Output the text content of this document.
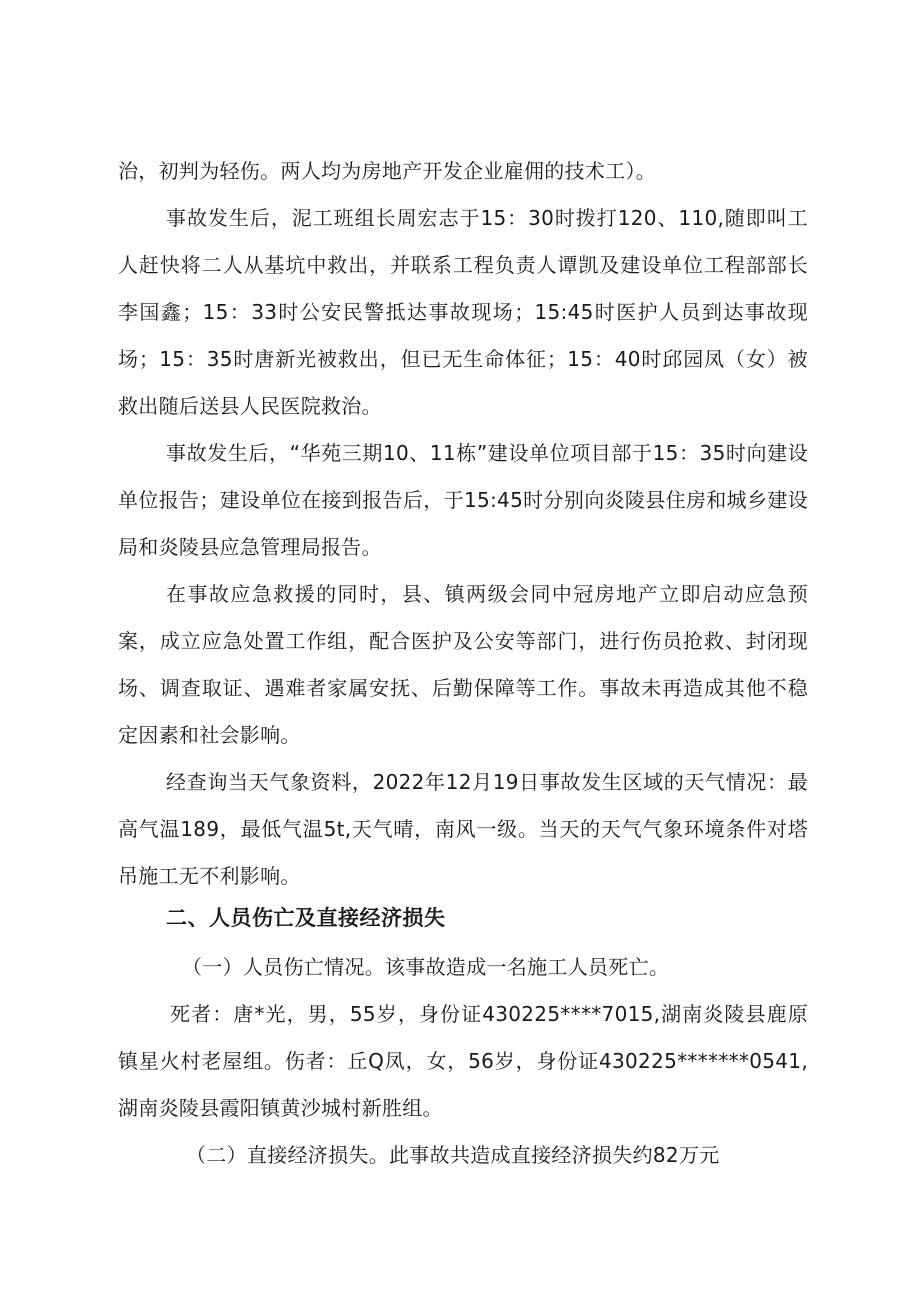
治，初判为轻伤。两人均为房地产开发企业雇佣的技术工）。

事故发生后，泥工班组长周宏志于15：30时拨打120、110,随即叫工人赶快将二人从基坑中救出，并联系工程负责人谭凯及建设单位工程部部长李国鑫；15：33时公安民警抵达事故现场；15:45时医护人员到达事故现场；15：35时唐新光被救出，但已无生命体征；15：40时邱园凤（女）被救出随后送县人民医院救治。

事故发生后，“华苑三期10、11栋”建设单位项目部于15：35时向建设单位报告；建设单位在接到报告后，于15:45时分别向炎陵县住房和城乡建设局和炎陵县应急管理局报告。

在事故应急救援的同时，县、镇两级会同中冠房地产立即启动应急预案，成立应急处置工作组，配合医护及公安等部门，进行伤员抢救、封闭现场、调查取证、遇难者家属安抚、后勤保障等工作。事故未再造成其他不稳定因素和社会影响。

经查询当天气象资料，2022年12月19日事故发生区域的天气情况：最高气温189，最低气温5t,天气晴，南风一级。当天的天气气象环境条件对塔吊施工无不利影响。

二、人员伤亡及直接经济损失

（一）人员伤亡情况。该事故造成一名施工人员死亡。

死者：唐*光，男，55岁，身份证430225****7015,湖南炎陵县鹿原镇星火村老屋组。伤者：丘Q凤，女，56岁，身份证430225*******0541,湖南炎陵县霞阳镇黄沙城村新胜组。

（二）直接经济损失。此事故共造成直接经济损失约82万元
